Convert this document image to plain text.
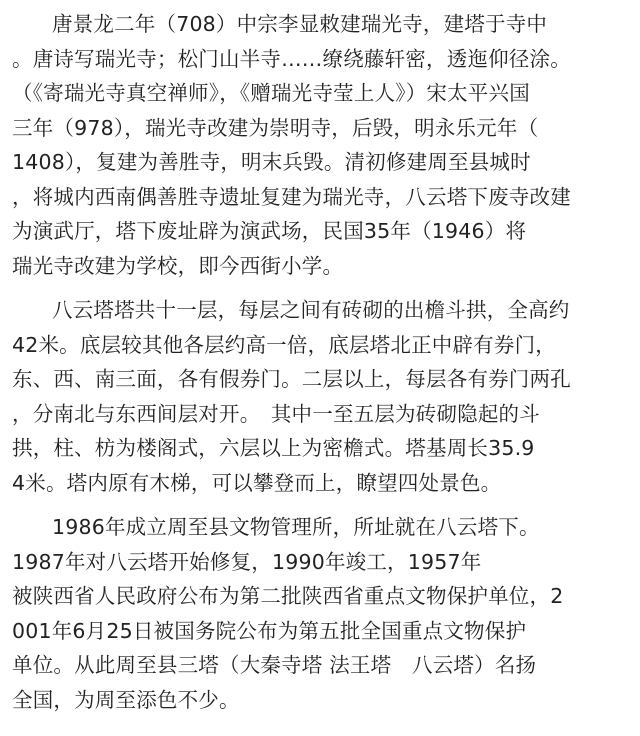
唐景龙二年（708）中宗李显敕建瑞光寺，建塔于寺中
。唐诗写瑞光寺；松门山半寺……缭绕藤轩密，透迤仰径涂。
（《寄瑞光寺真空禅师》，《赠瑞光寺莹上人》）宋太平兴国
三年（978），瑞光寺改建为崇明寺，后毁，明永乐元年（
1408），复建为善胜寺，明末兵毁。清初修建周至县城时
，将城内西南偶善胜寺遗址复建为瑞光寺，八云塔下废寺改建
为演武厅，塔下废址辟为演武场，民国35年（1946）将
瑞光寺改建为学校，即今西街小学。
八云塔塔共十一层，每层之间有砖砌的出檐斗拱，全高约
42米。底层较其他各层约高一倍，底层塔北正中辟有券门，
东、西、南三面，各有假券门。二层以上，每层各有券门两孔
，分南北与东西间层对开。　其中一至五层为砖砌隐起的斗
拱，柱、枋为楼阁式，六层以上为密檐式。塔基周长35.9
4米。塔内原有木梯，可以攀登而上，瞭望四处景色。
1986年成立周至县文物管理所，所址就在八云塔下。
1987年对八云塔开始修复，1990年竣工，1957年
被陕西省人民政府公布为第二批陕西省重点文物保护单位，2
001年6月25日被国务院公布为第五批全国重点文物保护
单位。从此周至县三塔（大秦寺塔 法王塔　八云塔）名扬
全国，为周至添色不少。
